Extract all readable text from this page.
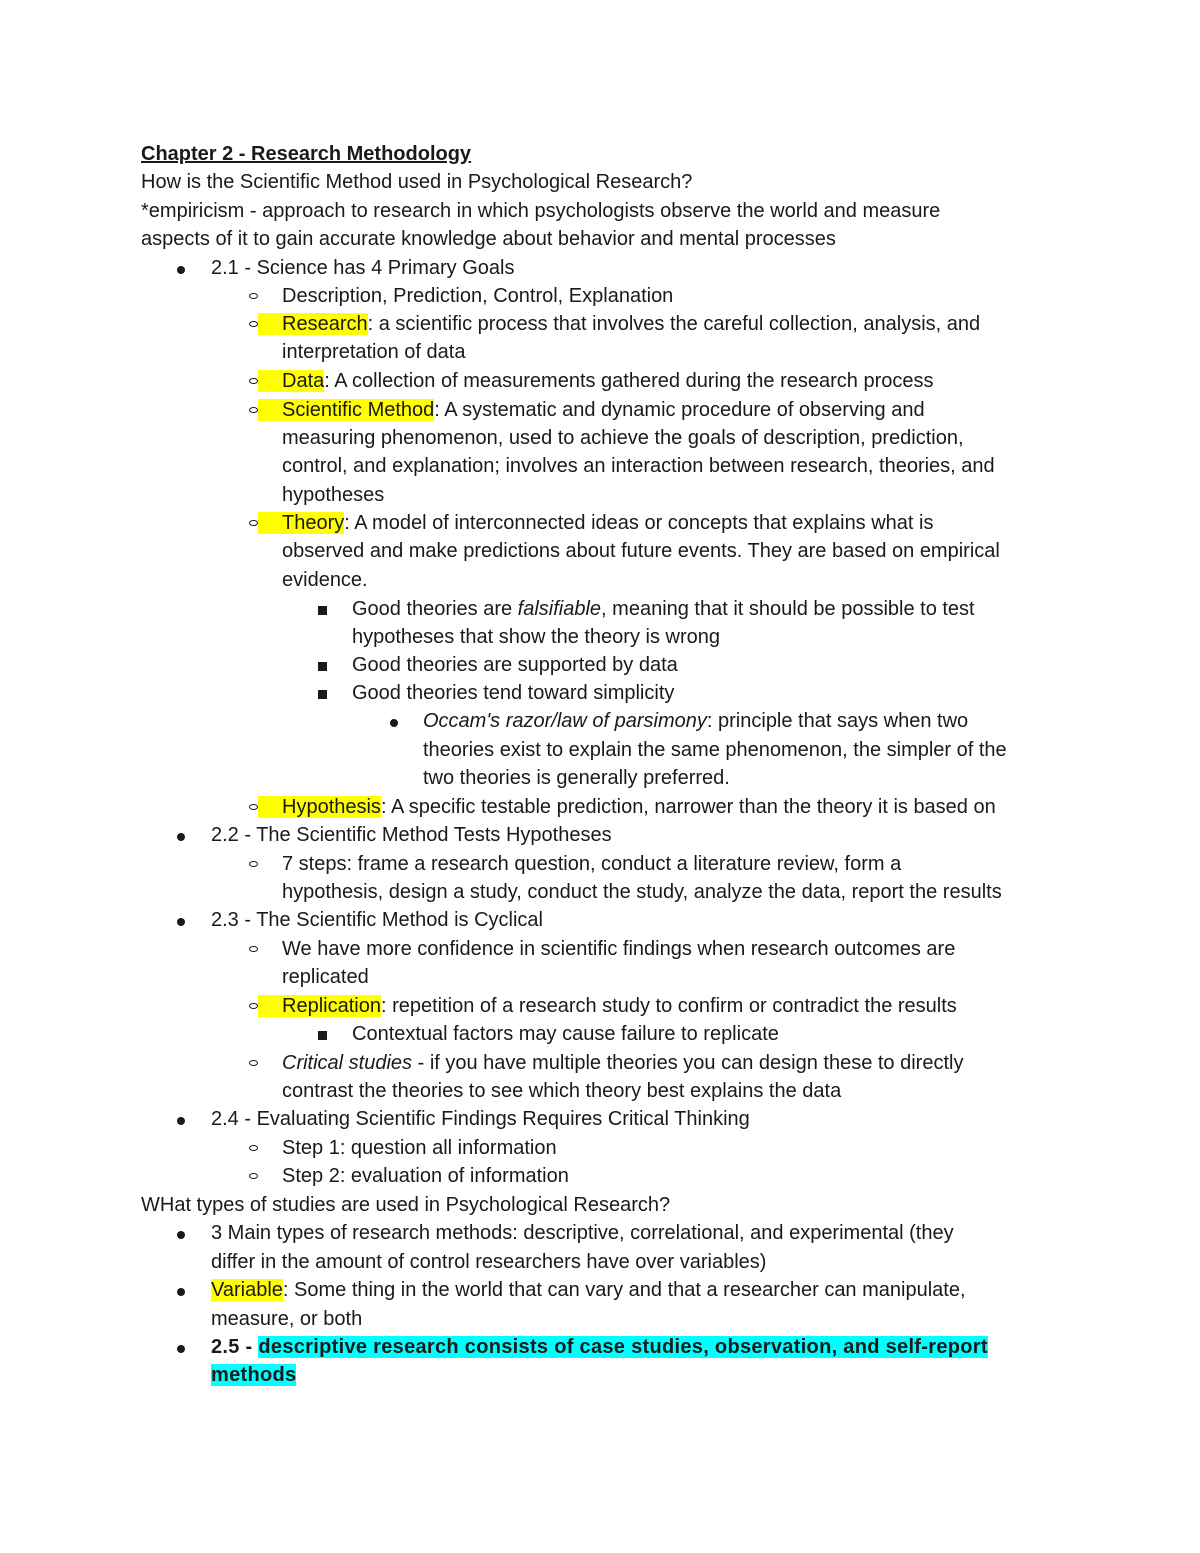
Chapter 2 - Research Methodology
How is the Scientific Method used in Psychological Research?
*empiricism - approach to research in which psychologists observe the world and measure
aspects of it to gain accurate knowledge about behavior and mental processes
2.1 - Science has 4 Primary Goals
Description, Prediction, Control, Explanation
Research: a scientific process that involves the careful collection, analysis, and
interpretation of data
Data: A collection of measurements gathered during the research process
Scientific Method: A systematic and dynamic procedure of observing and
measuring phenomenon, used to achieve the goals of description, prediction,
control, and explanation; involves an interaction between research, theories, and
hypotheses
Theory: A model of interconnected ideas or concepts that explains what is
observed and make predictions about future events. They are based on empirical
evidence.
Good theories are falsifiable, meaning that it should be possible to test
hypotheses that show the theory is wrong
Good theories are supported by data
Good theories tend toward simplicity
Occam's razor/law of parsimony: principle that says when two
theories exist to explain the same phenomenon, the simpler of the
two theories is generally preferred.
Hypothesis: A specific testable prediction, narrower than the theory it is based on
2.2 - The Scientific Method Tests Hypotheses
7 steps: frame a research question, conduct a literature review, form a
hypothesis, design a study, conduct the study, analyze the data, report the results
2.3 - The Scientific Method is Cyclical
We have more confidence in scientific findings when research outcomes are
replicated
Replication: repetition of a research study to confirm or contradict the results
Contextual factors may cause failure to replicate
Critical studies - if you have multiple theories you can design these to directly
contrast the theories to see which theory best explains the data
2.4 - Evaluating Scientific Findings Requires Critical Thinking
Step 1: question all information
Step 2: evaluation of information
WHat types of studies are used in Psychological Research?
3 Main types of research methods: descriptive, correlational, and experimental (they
differ in the amount of control researchers have over variables)
Variable: Some thing in the world that can vary and that a researcher can manipulate,
measure, or both
2.5 - descriptive research consists of case studies, observation, and self-report
methods
